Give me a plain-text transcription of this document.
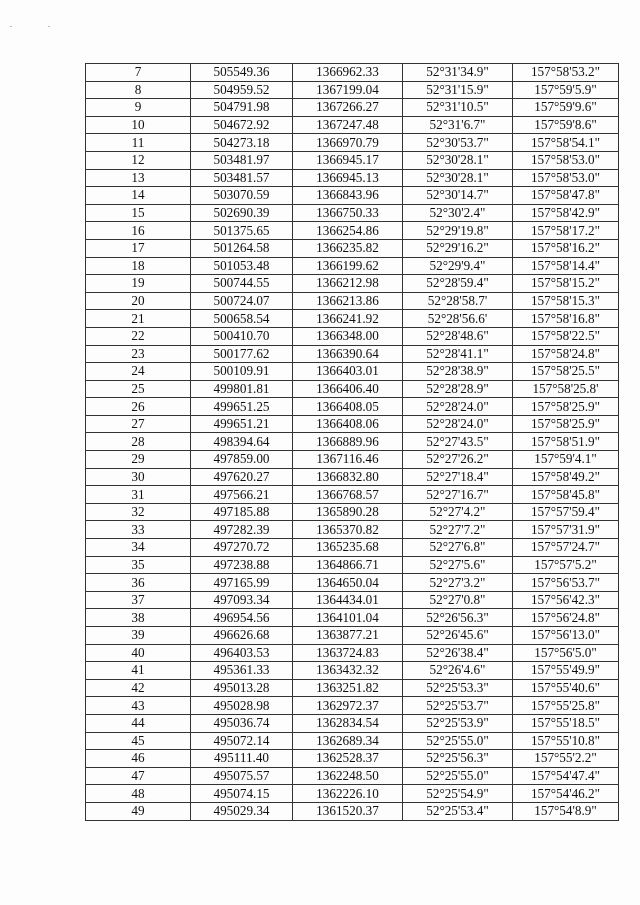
7	505549.36	1366962.33	52°31'34.9"	157°58'53.2"
8	504959.52	1367199.04	52°31'15.9"	157°59'5.9"
9	504791.98	1367266.27	52°31'10.5"	157°59'9.6"
10	504672.92	1367247.48	52°31'6.7"	157°59'8.6"
11	504273.18	1366970.79	52°30'53.7"	157°58'54.1"
12	503481.97	1366945.17	52°30'28.1"	157°58'53.0"
13	503481.57	1366945.13	52°30'28.1"	157°58'53.0"
14	503070.59	1366843.96	52°30'14.7"	157°58'47.8"
15	502690.39	1366750.33	52°30'2.4"	157°58'42.9"
16	501375.65	1366254.86	52°29'19.8"	157°58'17.2"
17	501264.58	1366235.82	52°29'16.2"	157°58'16.2"
18	501053.48	1366199.62	52°29'9.4"	157°58'14.4"
19	500744.55	1366212.98	52°28'59.4"	157°58'15.2"
20	500724.07	1366213.86	52°28'58.7'	157°58'15.3"
21	500658.54	1366241.92	52°28'56.6'	157°58'16.8"
22	500410.70	1366348.00	52°28'48.6"	157°58'22.5"
23	500177.62	1366390.64	52°28'41.1"	157°58'24.8"
24	500109.91	1366403.01	52°28'38.9"	157°58'25.5"
25	499801.81	1366406.40	52°28'28.9"	157°58'25.8'
26	499651.25	1366408.05	52°28'24.0"	157°58'25.9"
27	499651.21	1366408.06	52°28'24.0"	157°58'25.9"
28	498394.64	1366889.96	52°27'43.5"	157°58'51.9"
29	497859.00	1367116.46	52°27'26.2"	157°59'4.1"
30	497620.27	1366832.80	52°27'18.4"	157°58'49.2"
31	497566.21	1366768.57	52°27'16.7"	157°58'45.8"
32	497185.88	1365890.28	52°27'4.2"	157°57'59.4"
33	497282.39	1365370.82	52°27'7.2"	157°57'31.9"
34	497270.72	1365235.68	52°27'6.8"	157°57'24.7"
35	497238.88	1364866.71	52°27'5.6"	157°57'5.2"
36	497165.99	1364650.04	52°27'3.2"	157°56'53.7"
37	497093.34	1364434.01	52°27'0.8"	157°56'42.3"
38	496954.56	1364101.04	52°26'56.3"	157°56'24.8"
39	496626.68	1363877.21	52°26'45.6"	157°56'13.0"
40	496403.53	1363724.83	52°26'38.4"	157°56'5.0"
41	495361.33	1363432.32	52°26'4.6"	157°55'49.9"
42	495013.28	1363251.82	52°25'53.3"	157°55'40.6"
43	495028.98	1362972.37	52°25'53.7"	157°55'25.8"
44	495036.74	1362834.54	52°25'53.9"	157°55'18.5"
45	495072.14	1362689.34	52°25'55.0"	157°55'10.8"
46	495111.40	1362528.37	52°25'56.3"	157°55'2.2"
47	495075.57	1362248.50	52°25'55.0"	157°54'47.4"
48	495074.15	1362226.10	52°25'54.9"	157°54'46.2"
49	495029.34	1361520.37	52°25'53.4"	157°54'8.9"
